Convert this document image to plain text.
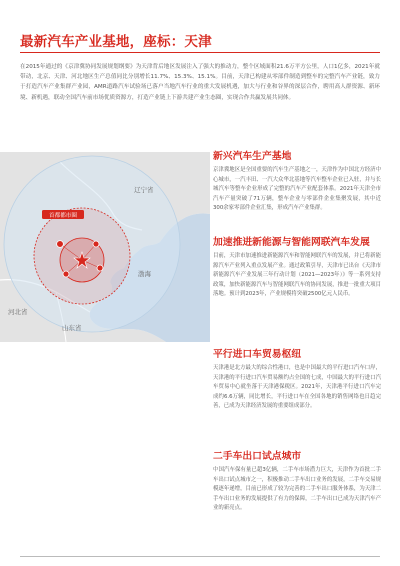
最新汽车产业基地，座标：天津

在2015年通过的《京津冀协同发展规划纲要》为天津背后地区发展注入了强大的推动力，整个区域面积21.6万平方公里，人口1亿多，2021年就带动，北京、天津、河北地区生产总值同比分别增长11.7%、15.3%、15.1%。目前，天津已构建从零部件制造到整车的完整汽车产业链，致力于打造汽车产业集群产业园，AMR道路汽车试验场已落户当地汽车行业的重大发展机遇，加大与行业和谷界的深层合作，聘用高人群资源、新环境、新机遇，联动全国汽车前市场优质资源方，打造产业链上下游共建产业生态圈，实现合作共赢发展共同体。

首都都市圈
辽宁省
渤海
河北省
山东省
新兴汽车生产基地

京津冀地区是全国重要的汽车生产基地之一，天津作为中国北方经济中心城市，一汽丰田、一汽大众华北基地等汽车整车企业已入驻，并与长城汽车等整车企业形成了完整的汽车产业配套体系。2021年天津全市汽车产量突破了71万辆，整车企业与零部件企业集聚发展，其中近300余家零部件企业汇集，形成汽车产业集群。

加速推进新能源与智能网联汽车发展

目前，天津市加速推进新能源汽车和智能网联汽车的发展，并已将新能源汽车产业列入重点发展产业。通过政策引导，天津市已出台《天津市新能源汽车产业发展三年行动计划（2021—2023年）》等一系列支持政策，加快新能源汽车与智能网联汽车的协同发展，推进一批重大项目落地。预计到2023年，产业规模将突破2500亿元人民币。

平行进口车贸易枢纽

天津港是北方最大的综合性港口，也是中国最大的平行进口汽车口岸，天津港的平行进口汽车贸易额约占全国的七成，中国最大的平行进口汽车贸易中心就坐落于天津港保税区。2021年，天津港平行进口汽车完成约6.6万辆，同比增长，平行进口车在全国各地的销售网络也日趋完善，已成为天津经济发展的重要组成部分。

二手车出口试点城市

中国汽车保有量已超3亿辆，二手车市场潜力巨大，天津作为首批二手车出口试点城市之一，积极推动二手车出口业务的发展，二手车交易规模逐年递增，目前已形成了较为完善的二手车出口服务体系，为天津二手车出口业务的发展提供了有力的保障，二手车出口已成为天津汽车产业的新亮点。
